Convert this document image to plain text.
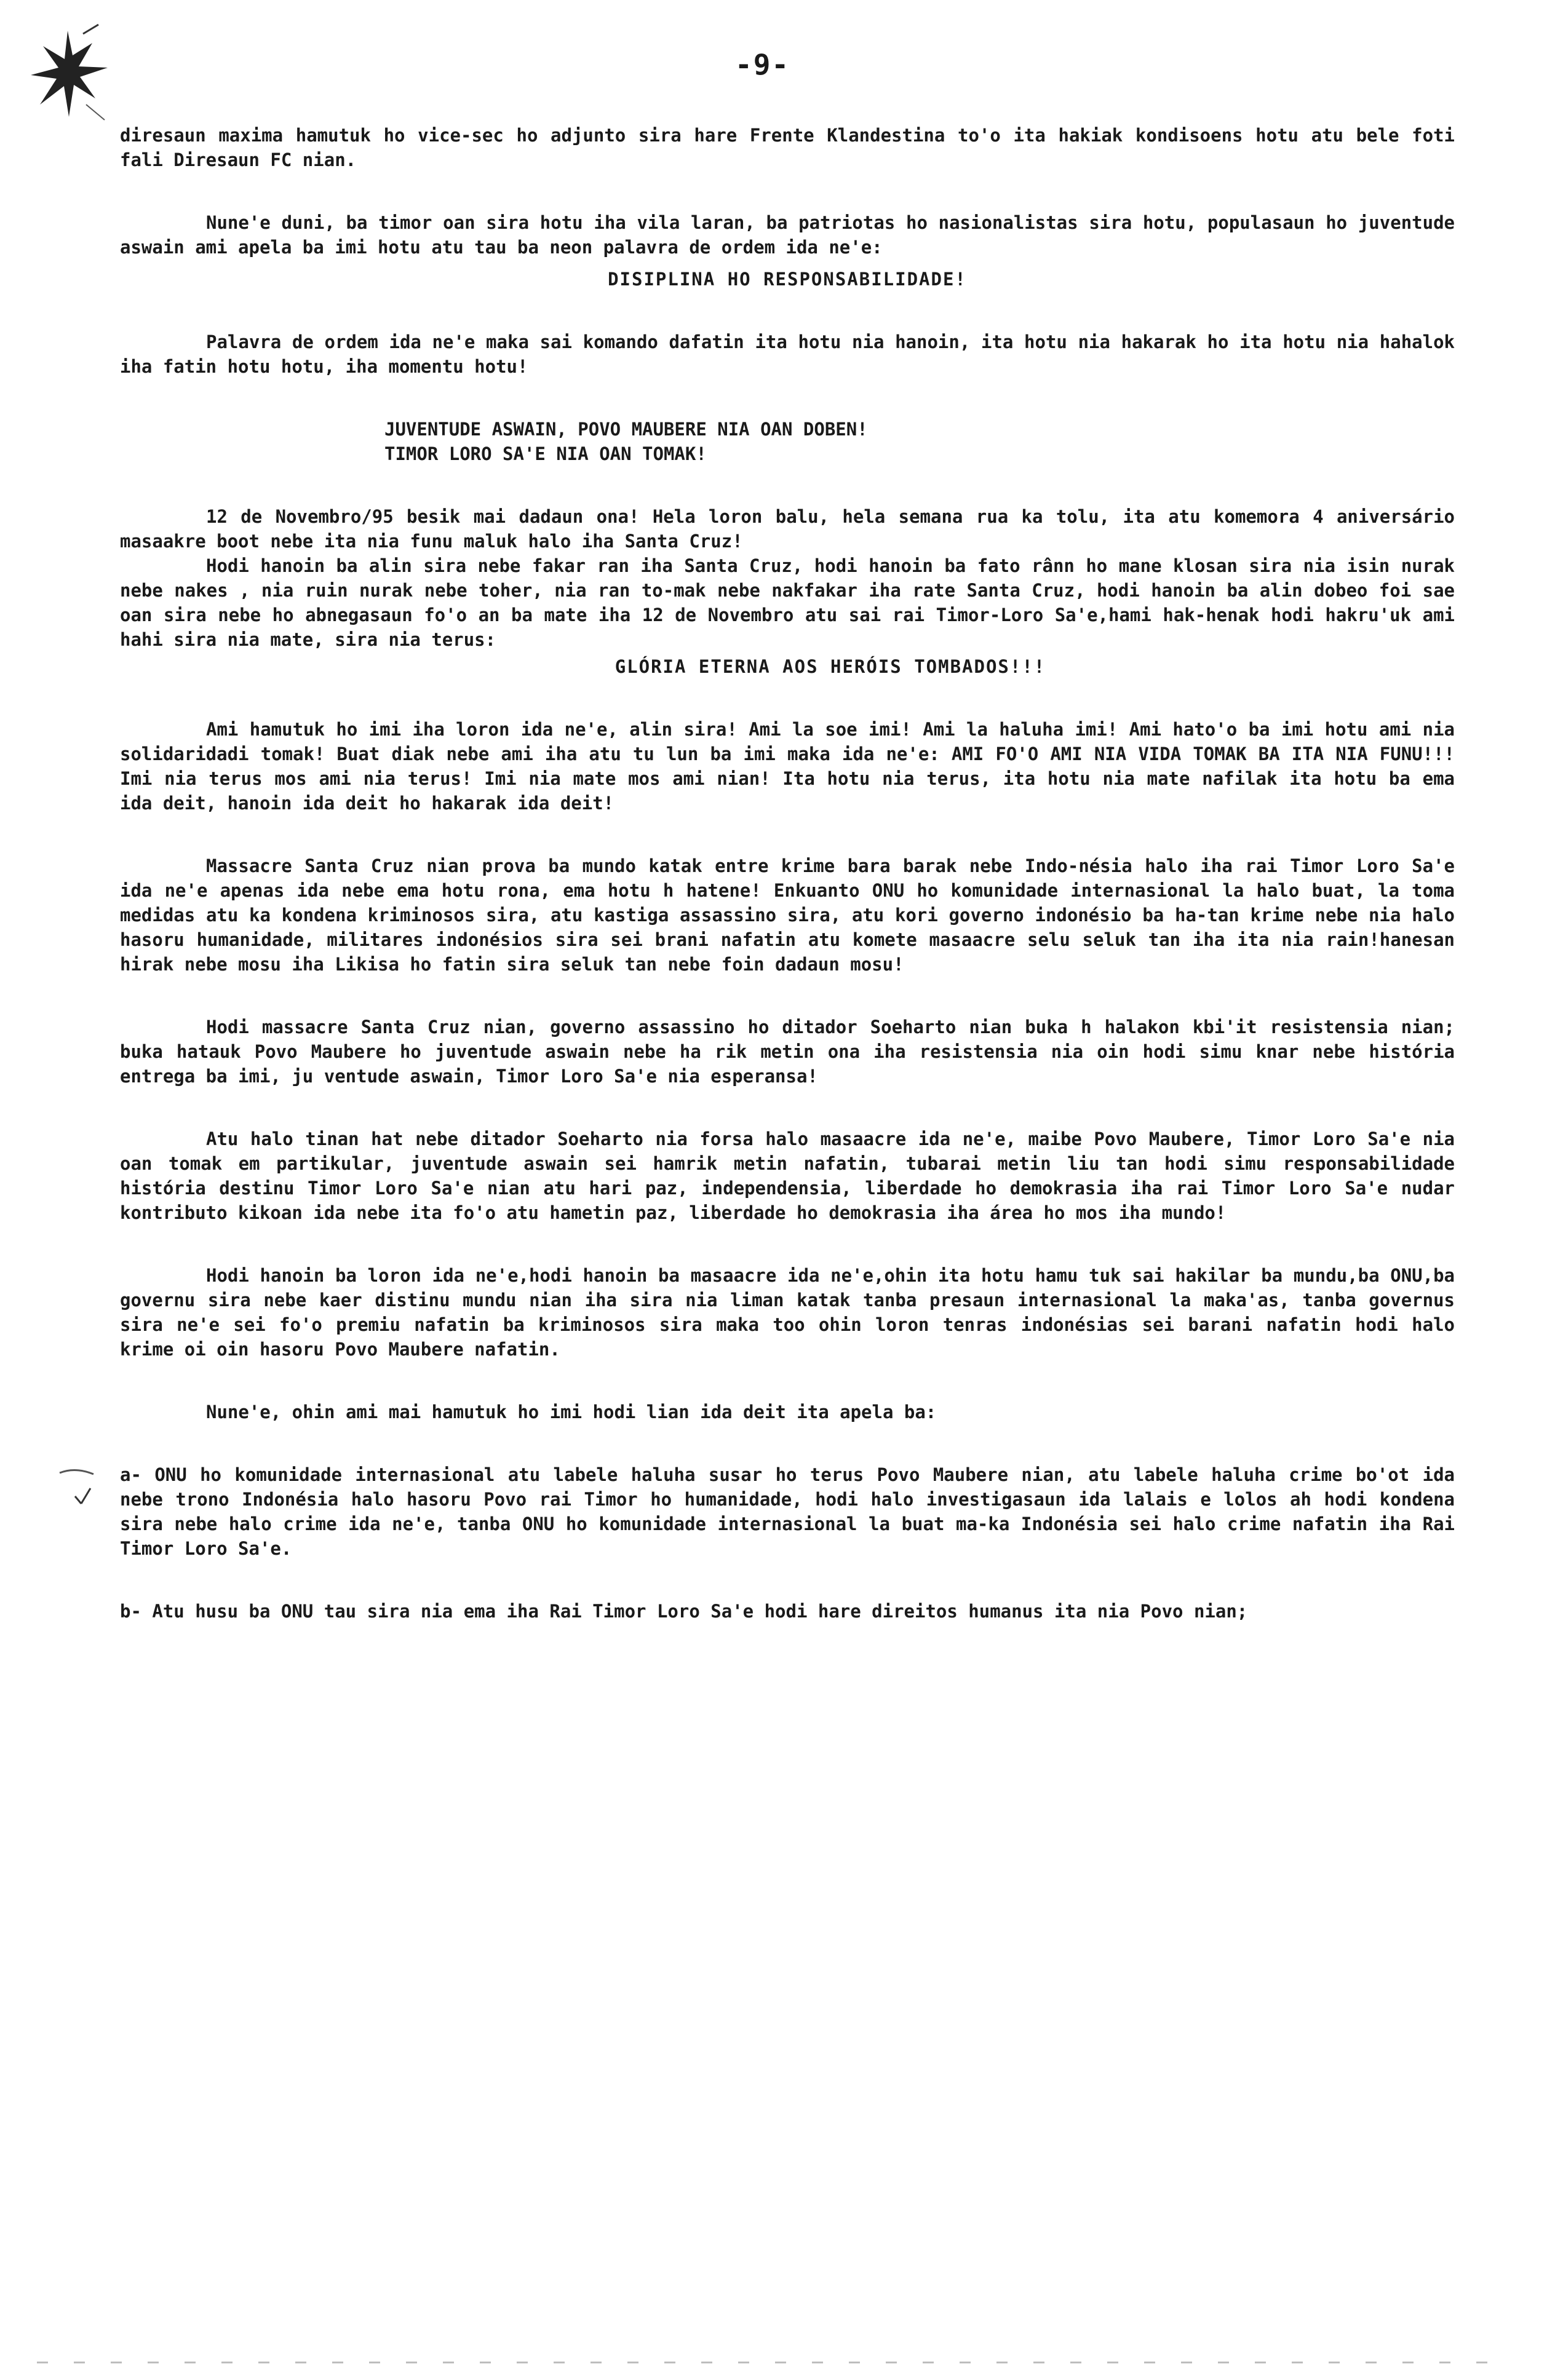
-9-

diresaun maxima hamutuk ho vice-sec ho adjunto sira hare Frente Klandestina to'o ita hakiak kondisoens hotu atu bele foti fali Diresaun FC nian.

Nune'e duni, ba timor oan sira hotu iha vila laran, ba patriotas ho nasionalistas sira hotu, populasaun ho juventude aswain ami apela ba imi hotu atu tau ba neon palavra de ordem ida ne'e:

DISIPLINA HO RESPONSABILIDADE!

Palavra de ordem ida ne'e maka sai komando dafatin ita hotu nia hanoin, ita hotu nia hakarak ho ita hotu nia hahalok iha fatin hotu hotu, iha momentu hotu!

JUVENTUDE ASWAIN, POVO MAUBERE NIA OAN DOBEN!
TIMOR LORO SA'E NIA OAN TOMAK!
12 de Novembro/95 besik mai dadaun ona! Hela loron balu, hela semana rua ka tolu, ita atu komemora 4 aniversário masaakre boot nebe ita nia funu maluk halo iha Santa Cruz!
Hodi hanoin ba alin sira nebe fakar ran iha Santa Cruz, hodi hanoin ba fato rânn ho mane klosan sira nia isin nurak nebe nakes , nia ruin nurak nebe toher, nia ran to-mak nebe nakfakar iha rate Santa Cruz, hodi hanoin ba alin dobeo foi sae oan sira nebe ho abnegasaun fo'o an ba mate iha 12 de Novembro atu sai rai Timor-Loro Sa'e,hami hak-henak hodi hakru'uk ami hahi sira nia mate, sira nia terus:
GLÓRIA ETERNA AOS HERÓIS TOMBADOS!!!

Ami hamutuk ho imi iha loron ida ne'e, alin sira! Ami la soe imi! Ami la haluha imi! Ami hato'o ba imi hotu ami nia solidaridadi tomak! Buat diak nebe ami iha atu tu lun ba imi maka ida ne'e: AMI FO'O AMI NIA VIDA TOMAK BA ITA NIA FUNU!!! Imi nia terus mos ami nia terus! Imi nia mate mos ami nian! Ita hotu nia terus, ita hotu nia mate nafilak ita hotu ba ema ida deit, hanoin ida deit ho hakarak ida deit!

Massacre Santa Cruz nian prova ba mundo katak entre krime bara barak nebe Indo-nésia halo iha rai Timor Loro Sa'e ida ne'e apenas ida nebe ema hotu rona, ema hotu h hatene! Enkuanto ONU ho komunidade internasional la halo buat, la toma medidas atu ka kondena kriminosos sira, atu kastiga assassino sira, atu kori governo indonésio ba ha-tan krime nebe nia halo hasoru humanidade, militares indonésios sira sei brani nafatin atu komete masaacre selu seluk tan iha ita nia rain!hanesan hirak nebe mosu iha Likisa ho fatin sira seluk tan nebe foin dadaun mosu!

Hodi massacre Santa Cruz nian, governo assassino ho ditador Soeharto nian buka h halakon kbi'it resistensia nian; buka hatauk Povo Maubere ho juventude aswain nebe ha rik metin ona iha resistensia nia oin hodi simu knar nebe história entrega ba imi, ju ventude aswain, Timor Loro Sa'e nia esperansa!

Atu halo tinan hat nebe ditador Soeharto nia forsa halo masaacre ida ne'e, maibe Povo Maubere, Timor Loro Sa'e nia oan tomak em partikular, juventude aswain sei hamrik metin nafatin, tubarai metin liu tan hodi simu responsabilidade história destinu Timor Loro Sa'e nian atu hari paz, independensia, liberdade ho demokrasia iha rai Timor Loro Sa'e nudar kontributo kikoan ida nebe ita fo'o atu hametin paz, liberdade ho demokrasia iha área ho mos iha mundo!

Hodi hanoin ba loron ida ne'e,hodi hanoin ba masaacre ida ne'e,ohin ita hotu hamu tuk sai hakilar ba mundu,ba ONU,ba governu sira nebe kaer distinu mundu nian iha sira nia liman katak tanba presaun internasional la maka'as, tanba governus sira ne'e sei fo'o premiu nafatin ba kriminosos sira maka too ohin loron tenras indonésias sei barani nafatin hodi halo krime oi oin hasoru Povo Maubere nafatin.

Nune'e, ohin ami mai hamutuk ho imi hodi lian ida deit ita apela ba:

a- ONU ho komunidade internasional atu labele haluha susar ho terus Povo Maubere nian, atu labele haluha crime bo'ot ida nebe trono Indonésia halo hasoru Povo rai Timor ho humanidade, hodi halo investigasaun ida lalais e lolos ah hodi kondena sira nebe halo crime ida ne'e, tanba ONU ho komunidade internasional la buat ma-ka Indonésia sei halo crime nafatin iha Rai Timor Loro Sa'e.

b- Atu husu ba ONU tau sira nia ema iha Rai Timor Loro Sa'e hodi hare direitos humanus ita nia Povo nian;
